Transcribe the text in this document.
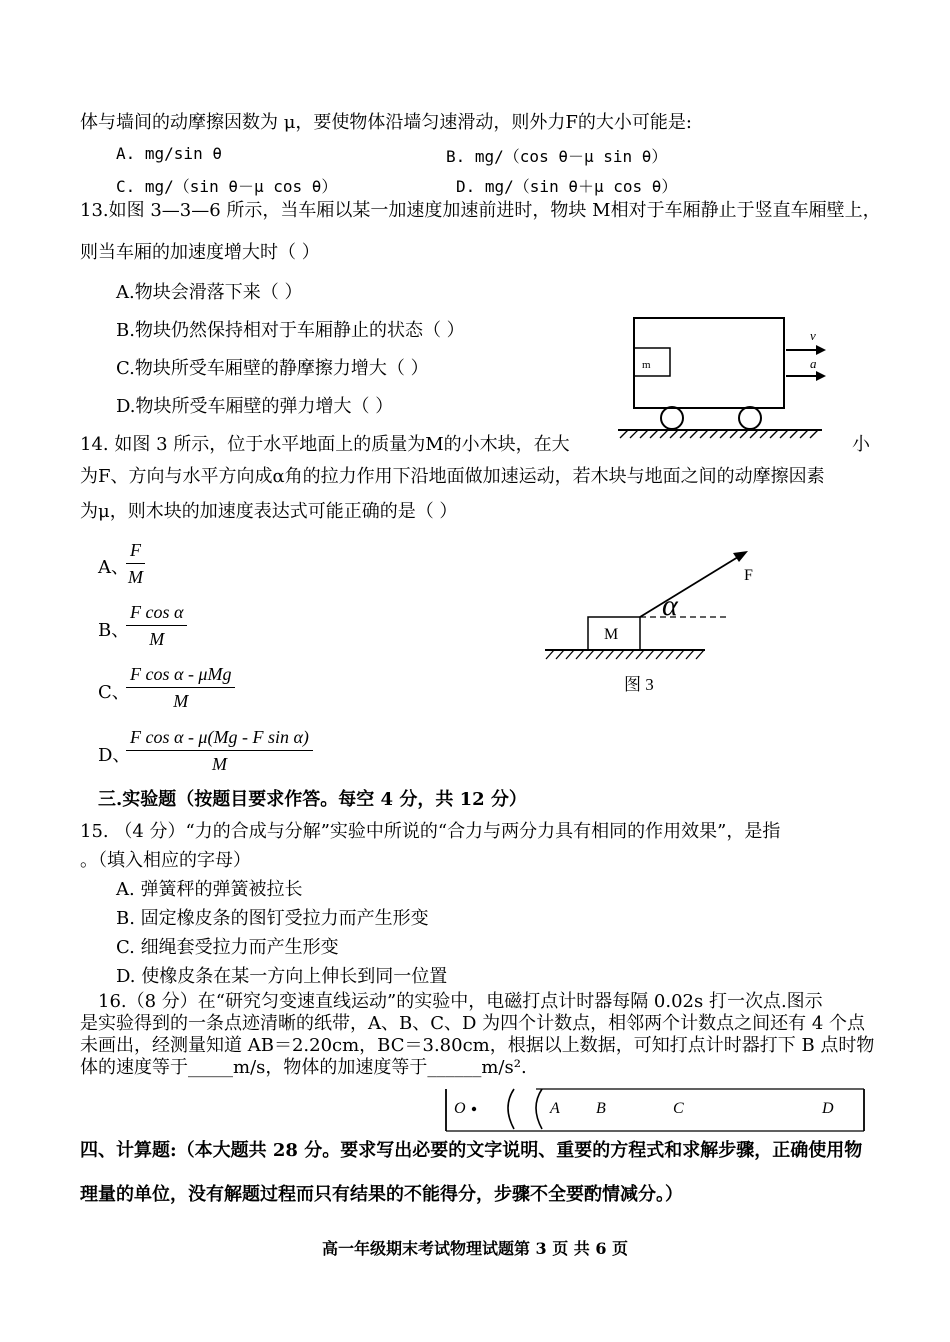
体与墙间的动摩擦因数为 μ，要使物体沿墙匀速滑动，则外力F的大小可能是:
A. mg/sin θ	B. mg/（cos θ－μ sin θ）
C. mg/（sin θ－μ cos θ）	D. mg/（sin θ＋μ cos θ）
13.如图 3—3—6 所示，当车厢以某一加速度加速前进时，物块 M相对于车厢静止于竖直车厢壁上，
则当车厢的加速度增大时（ ）
A.物块会滑落下来（ ）
B.物块仍然保持相对于车厢静止的状态（ ）
C.物块所受车厢壁的静摩擦力增大（ ）
D.物块所受车厢壁的弹力增大（ ）
m
v
a
14. 如图 3 所示，位于水平地面上的质量为M的小木块，在大	小
为F、方向与水平方向成α角的拉力作用下沿地面做加速运动，若木块与地面之间的动摩擦因素
为μ，则木块的加速度表达式可能正确的是（ ）
A、
F
M
B、
F cos α
M
C、
F cos α - μMg
M
D、
F cos α - μ(Mg - F sin α)
M
M
F
α
图 3
三.实验题（按题目要求作答。每空 4 分，共 12 分）
15. （4 分）“力的合成与分解”实验中所说的“合力与两分力具有相同的作用效果”，是指
。（填入相应的字母）
A. 弹簧秤的弹簧被拉长
B. 固定橡皮条的图钉受拉力而产生形变
C. 细绳套受拉力而产生形变
D. 使橡皮条在某一方向上伸长到同一位置
16.（8 分）在“研究匀变速直线运动”的实验中，电磁打点计时器每隔 0.02s 打一次点.图示
是实验得到的一条点迹清晰的纸带，A、B、C、D 为四个计数点，相邻两个计数点之间还有 4 个点
未画出，经测量知道 AB＝2.20cm，BC＝3.80cm，根据以上数据，可知打点计时器打下 B 点时物
体的速度等于_____m/s，物体的加速度等于______m/s².
O	A B	C	D
四、计算题:（本大题共 28 分。要求写出必要的文字说明、重要的方程式和求解步骤，正确使用物
理量的单位，没有解题过程而只有结果的不能得分，步骤不全要酌情减分。）
高一年级期末考试物理试题第 3 页 共 6 页
